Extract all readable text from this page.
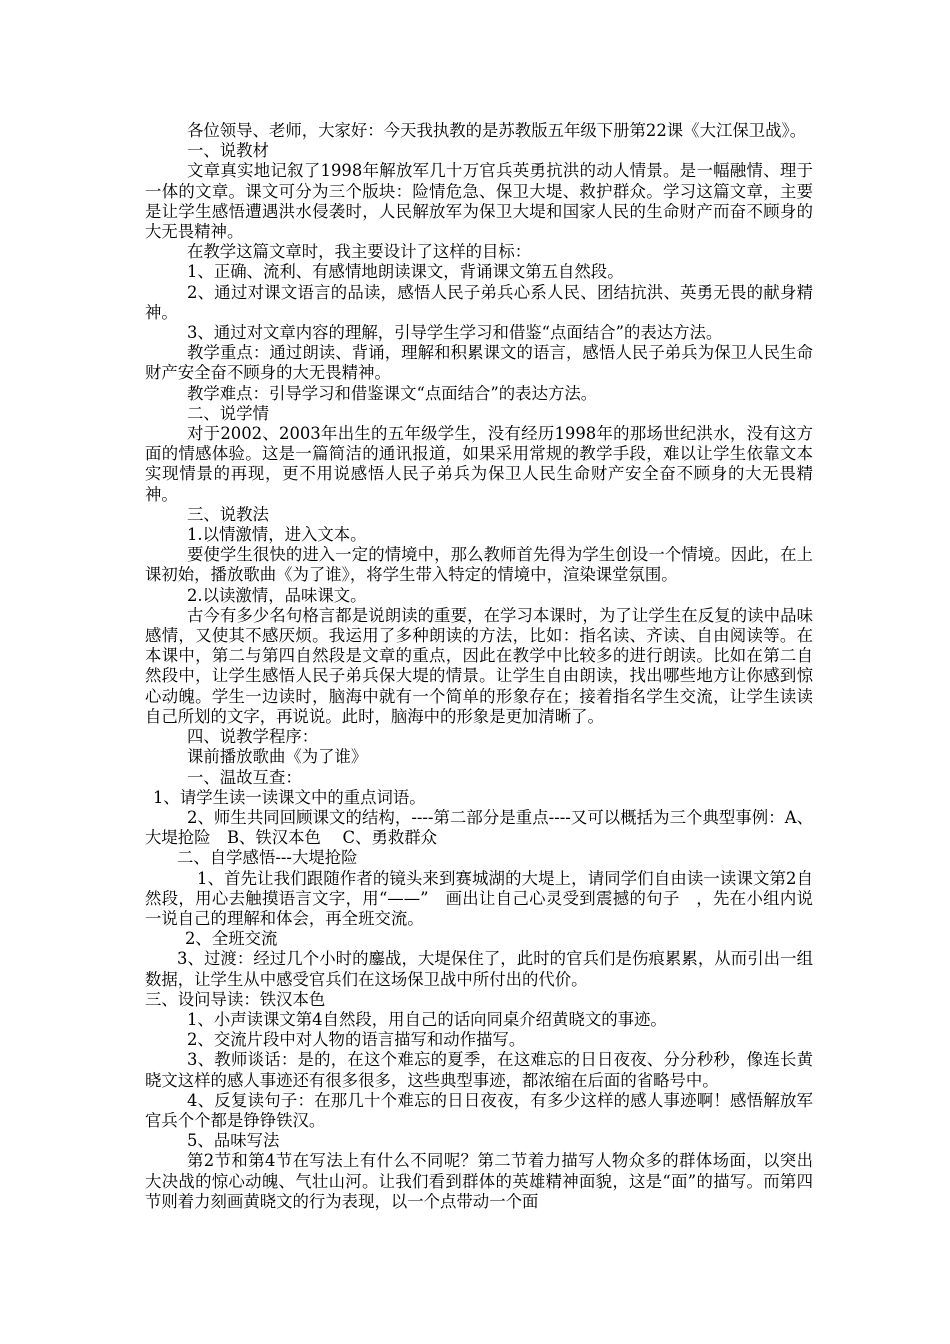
各位领导、老师，大家好：今天我执教的是苏教版五年级下册第22课《大江保卫战》。

一、说教材

文章真实地记叙了1998年解放军几十万官兵英勇抗洪的动人情景。是一幅融情、理于一体的文章。课文可分为三个版块：险情危急、保卫大堤、救护群众。学习这篇文章，主要是让学生感悟遭遇洪水侵袭时，人民解放军为保卫大堤和国家人民的生命财产而奋不顾身的大无畏精神。

在教学这篇文章时，我主要设计了这样的目标：

1、正确、流利、有感情地朗读课文，背诵课文第五自然段。

2、通过对课文语言的品读，感悟人民子弟兵心系人民、团结抗洪、英勇无畏的献身精神。

3、通过对文章内容的理解，引导学生学习和借鉴“点面结合”的表达方法。

教学重点：通过朗读、背诵，理解和积累课文的语言，感悟人民子弟兵为保卫人民生命财产安全奋不顾身的大无畏精神。

教学难点：引导学习和借鉴课文“点面结合”的表达方法。

二、说学情

对于2002、2003年出生的五年级学生，没有经历1998年的那场世纪洪水，没有这方面的情感体验。这是一篇简洁的通讯报道，如果采用常规的教学手段，难以让学生依靠文本实现情景的再现，更不用说感悟人民子弟兵为保卫人民生命财产安全奋不顾身的大无畏精神。

三、说教法

1.以情激情，进入文本。

要使学生很快的进入一定的情境中，那么教师首先得为学生创设一个情境。因此，在上课初始，播放歌曲《为了谁》，将学生带入特定的情境中，渲染课堂氛围。

2.以读激情，品味课文。

古今有多少名句格言都是说朗读的重要，在学习本课时，为了让学生在反复的读中品味感情，又使其不感厌烦。我运用了多种朗读的方法，比如：指名读、齐读、自由阅读等。在本课中，第二与第四自然段是文章的重点，因此在教学中比较多的进行朗读。比如在第二自然段中，让学生感悟人民子弟兵保大堤的情景。让学生自由朗读，找出哪些地方让你感到惊心动魄。学生一边读时，脑海中就有一个简单的形象存在；接着指名学生交流，让学生读读自己所划的文字，再说说。此时，脑海中的形象是更加清晰了。

四、说教学程序：

课前播放歌曲《为了谁》

一、温故互查：

1、请学生读一读课文中的重点词语。

2、师生共同回顾课文的结构，----第二部分是重点----又可以概括为三个典型事例：A、大堤抢险　B、铁汉本色　 C、勇救群众

二、自学感悟---大堤抢险

1、首先让我们跟随作者的镜头来到赛城湖的大堤上，请同学们自由读一读课文第2自然段，用心去触摸语言文字，用“——”　画出让自己心灵受到震撼的句子　，先在小组内说一说自己的理解和体会，再全班交流。

2、全班交流

3、过渡：经过几个小时的鏖战，大堤保住了，此时的官兵们是伤痕累累，从而引出一组数据，让学生从中感受官兵们在这场保卫战中所付出的代价。

三、设问导读：铁汉本色

1、小声读课文第4自然段，用自己的话向同桌介绍黄晓文的事迹。

2、交流片段中对人物的语言描写和动作描写。

3、教师谈话：是的，在这个难忘的夏季，在这难忘的日日夜夜、分分秒秒，像连长黄晓文这样的感人事迹还有很多很多，这些典型事迹，都浓缩在后面的省略号中。

4、反复读句子：在那几十个难忘的日日夜夜，有多少这样的感人事迹啊！感悟解放军官兵个个都是铮铮铁汉。

5、品味写法

第2节和第4节在写法上有什么不同呢？第二节着力描写人物众多的群体场面，以突出大决战的惊心动魄、气壮山河。让我们看到群体的英雄精神面貌，这是“面”的描写。而第四节则着力刻画黄晓文的行为表现，以一个点带动一个面
